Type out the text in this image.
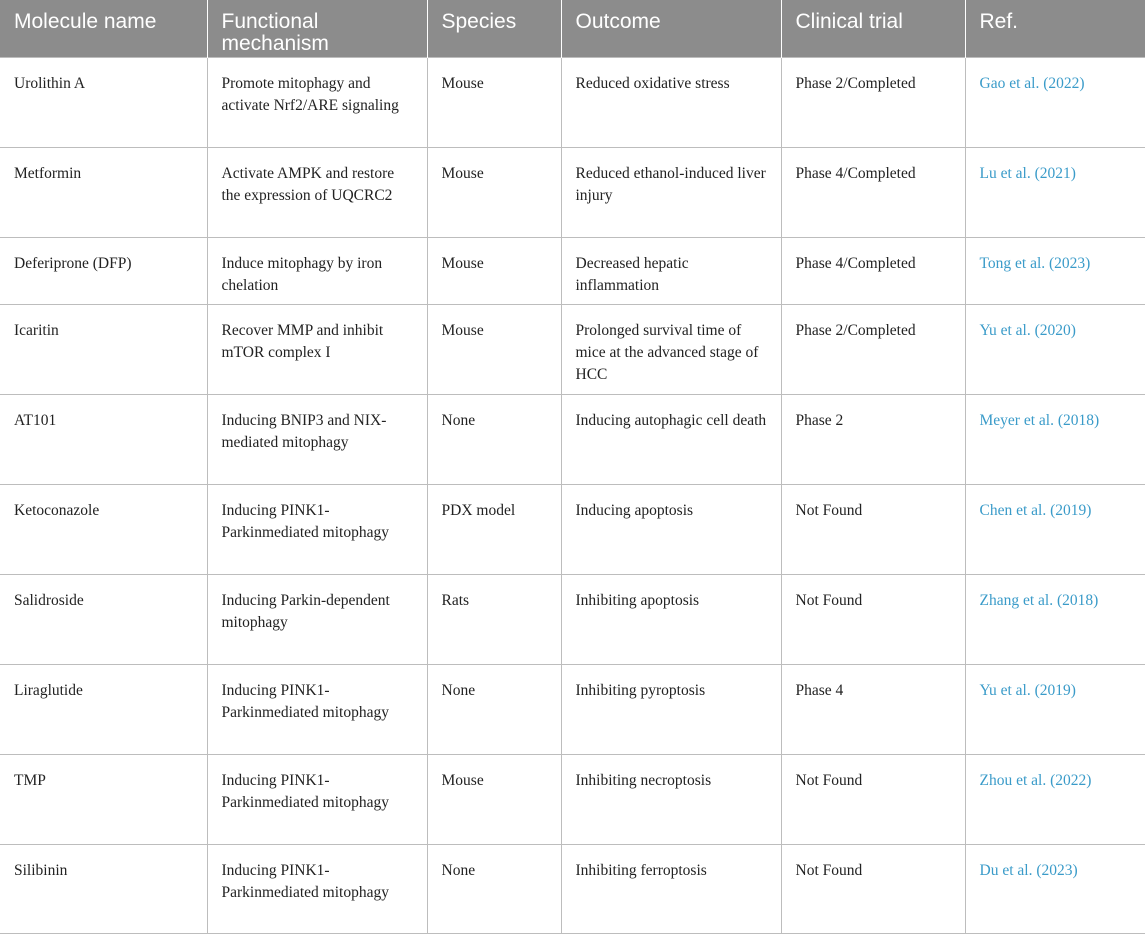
Molecule name	Functional mechanism	Species	Outcome	Clinical trial	Ref.
Urolithin A	Promote mitophagy and activate Nrf2/ARE signaling	Mouse	Reduced oxidative stress	Phase 2/Completed	Gao et al. (2022)
Metformin	Activate AMPK and restore the expression of UQCRC2	Mouse	Reduced ethanol-induced liver injury	Phase 4/Completed	Lu et al. (2021)
Deferiprone (DFP)	Induce mitophagy by iron chelation	Mouse	Decreased hepatic inflammation	Phase 4/Completed	Tong et al. (2023)
Icaritin	Recover MMP and inhibit mTOR complex I	Mouse	Prolonged survival time of mice at the advanced stage of HCC	Phase 2/Completed	Yu et al. (2020)
AT101	Inducing BNIP3 and NIX-mediated mitophagy	None	Inducing autophagic cell death	Phase 2	Meyer et al. (2018)
Ketoconazole	Inducing PINK1-Parkinmediated mitophagy	PDX model	Inducing apoptosis	Not Found	Chen et al. (2019)
Salidroside	Inducing Parkin-dependent mitophagy	Rats	Inhibiting apoptosis	Not Found	Zhang et al. (2018)
Liraglutide	Inducing PINK1-Parkinmediated mitophagy	None	Inhibiting pyroptosis	Phase 4	Yu et al. (2019)
TMP	Inducing PINK1-Parkinmediated mitophagy	Mouse	Inhibiting necroptosis	Not Found	Zhou et al. (2022)
Silibinin	Inducing PINK1-Parkinmediated mitophagy	None	Inhibiting ferroptosis	Not Found	Du et al. (2023)
